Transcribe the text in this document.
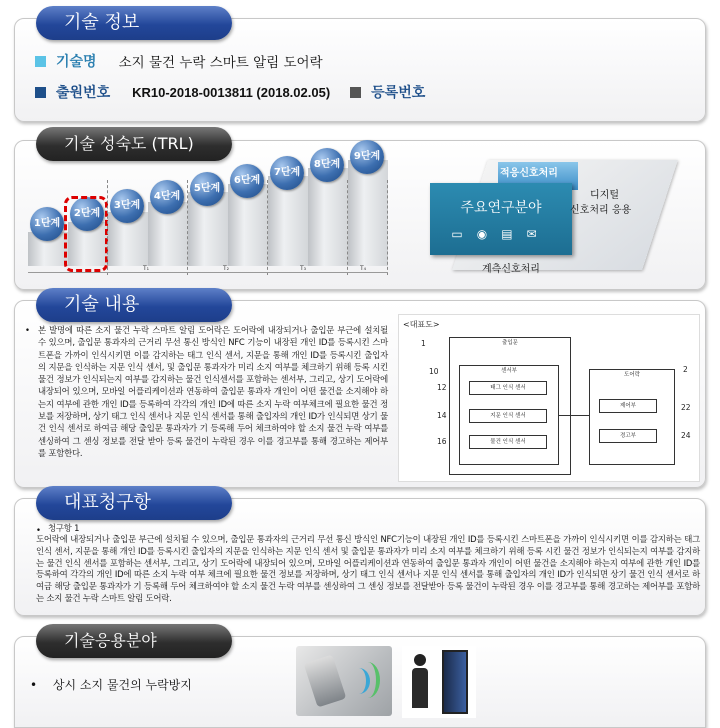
기술 정보
기술명 소지 물건 누락 스마트 알림 도어락
출원번호 KR10-2018-0013811 (2018.02.05)	등록번호
기술 성숙도 (TRL)
1단계
2단계
3단계
4단계
5단계
6단계
7단계
8단계
9단계
T₁	T₂	T₃	T₄
적응신호처리
주요연구분야
▭◉▤✉
디지털
신호처리 응용
계측신호처리
기술 내용
• 본 발명에 따른 소지 물건 누락 스마트 알림 도어락은 도어락에 내장되거나 출입문 부근에 설치될 수 있으며, 출입문 통과자의 근거리 무선 통신 방식인 NFC 기능이 내장된 개인 ID를 등록시킨 스마트폰을 가까이 인식시키면 이를 감지하는 태그 인식 센서, 지문을 통해 개인 ID를 등록시킨 출입자의 지문을 인식하는 지문 인식 센서, 및 출입문 통과자가 미리 소지 여부를 체크하기 위해 등록 시킨 물건 정보가 인식되는지 여부를 감지하는 물건 인식센서를 포함하는 센서부, 그리고, 상기 도어락에 내장되어 있으며, 모바일 어플리케이션과 연동하여 출입문 통과자 개인이 어떤 물건을 소지해야 하는지 여부에 관한 개인 ID를 등록하여 각각의 개인 ID에 따른 소지 누락 여부체크에 필요한 물건 정보를 저장하며, 상기 태그 인식 센서나 지문 인식 센서를 통해 출입자의 개인 ID가 인식되면 상기 물건 인식 센서로 하여금 해당 출입문 통과자가 기 등록해 두어 체크하여야 할 소지 물건 누락 여부를 센싱하여 그 센싱 정보를 전달 받아 등록 물건이 누락된 경우 이를 경고부를 통해 경고하는 제어부를 포함한다.
<대표도>
1	출입문
10	센서부
12	태그 인식 센서
14	지문 인식 센서
16	물건 인식 센서
2
도어락
22
제어부
24
경고부
대표청구항
• 청구항 1
도어락에 내장되거나 출입문 부근에 설치될 수 있으며, 출입문 통과자의 근거리 무선 통신 방식인 NFC기능이 내장된 개인 ID를 등록시킨 스마트폰을 가까이 인식시키면 이를 감지하는 태그 인식 센서, 지문을 통해 개인 ID를 등록시킨 출입자의 지문을 인식하는 지문 인식 센서 및 출입문 통과자가 미리 소지 여부를 체크하기 위해 등록 시킨 물건 정보가 인식되는지 여부를 감지하는 물건 인식 센서를 포함하는 센서부, 그리고, 상기 도어락에 내장되어 있으며, 모바일 어플리케이션과 연동하여 출입문 통과자 개인이 어떤 물건을 소지해야 하는지 여부에 관한 개인 ID를 등록하여 각각의 개인 ID에 따른 소지 누락 여부 체크에 필요한 물건 정보를 저장하며, 상기 태그 인식 센서나 지문 인식 센서를 통해 출입자의 개인 ID가 인식되면 상기 물건 인식 센서로 하여금 해당 출입문 통과자가 기 등록해 두어 체크하여야 할 소지 물건 누락 여부를 센싱하여 그 센싱 정보를 전달받아 등록 물건이 누락된 경우 이를 경고부를 통해 경고하는 제어부를 포함하는 소지 물건 누락 스마트 알림 도어락.
기술응용분야
• 상시 소지 물건의 누락방지
